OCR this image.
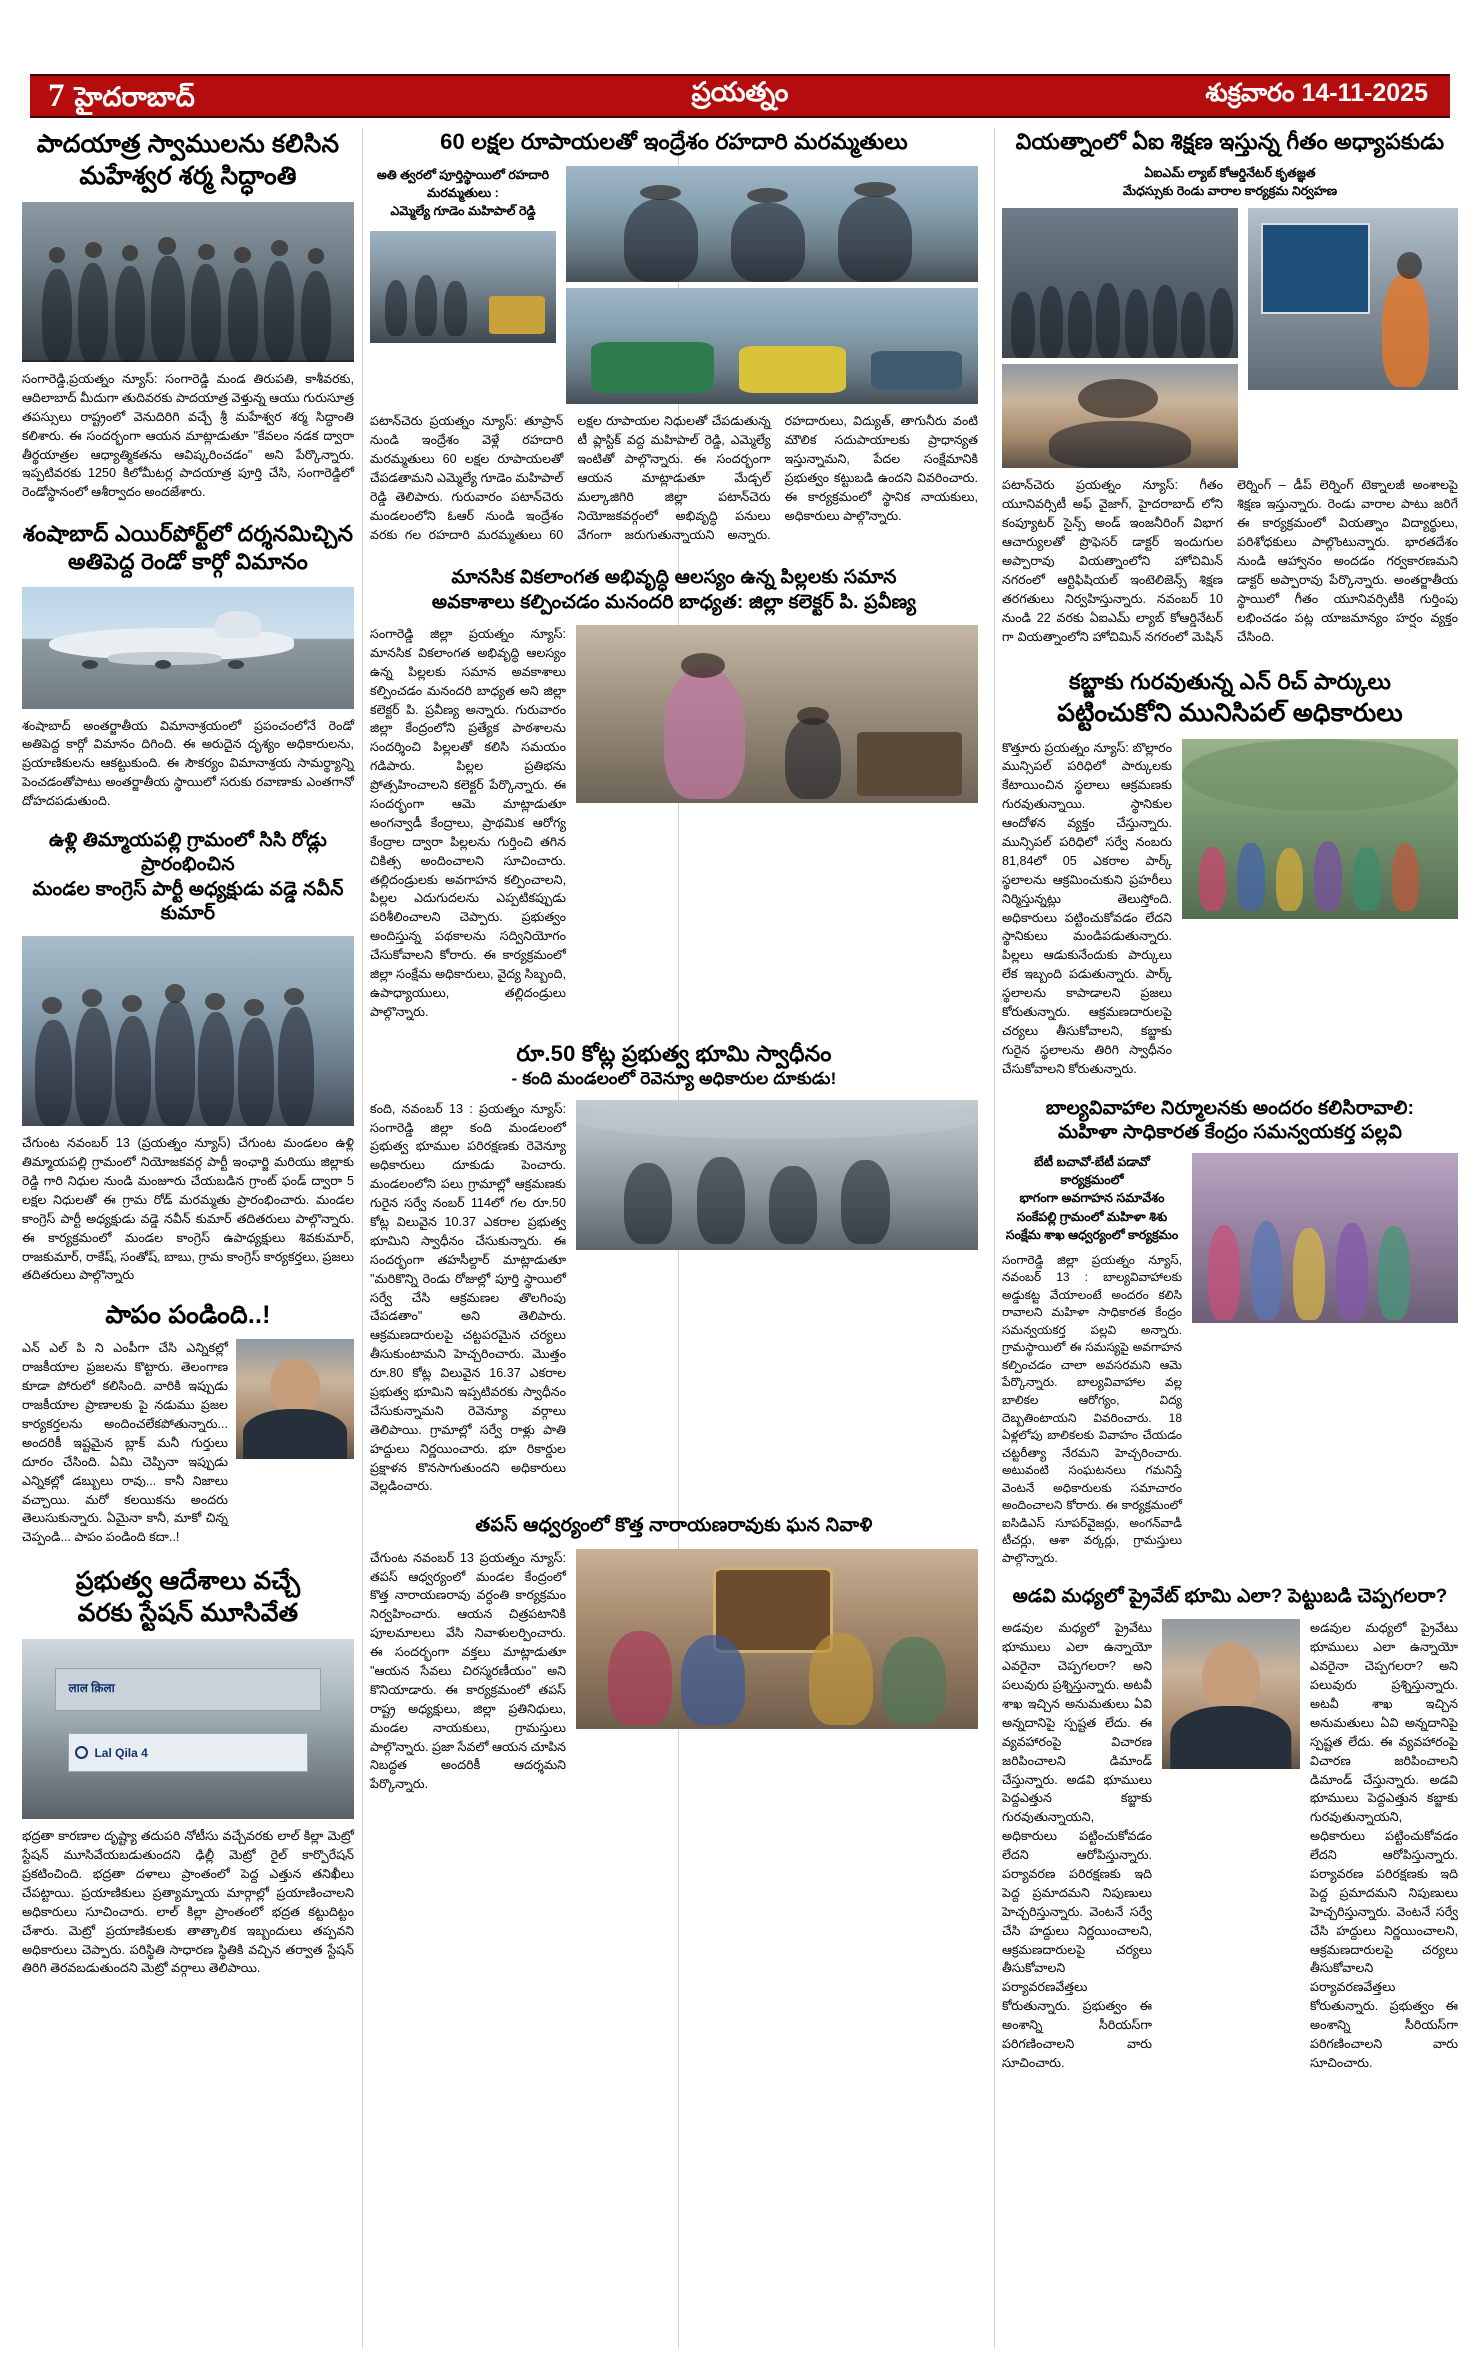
7 హైదరాబాద్	ప్రయత్నం	శుక్రవారం 14-11-2025
పాదయాత్ర స్వాములను కలిసిన
మహేశ్వర శర్మ సిద్ధాంతి
సంగారెడ్డి,ప్రయత్నం న్యూస్: సంగారెడ్డి మండ తిరుపతి, కాశీవరకు, ఆదిలాబాద్ మీదుగా తుదివరకు పాదయాత్ర వెళ్తున్న ఆయు గురుసూత్ర తపస్సులు రాష్ట్రంలో వెనుదిరిగి వచ్చే శ్రీ మహేశ్వర శర్మ సిద్ధాంతి కలిశారు. ఈ సందర్భంగా ఆయన మాట్లాడుతూ "కేవలం నడక ద్వారా తీర్థయాత్రల ఆధ్యాత్మికతను ఆవిష్కరించడం" అని పేర్కొన్నారు. ఇప్పటివరకు 1250 కిలోమీటర్ల పాదయాత్ర పూర్తి చేసి, సంగారెడ్డిలో రెండోస్థానంలో ఆశీర్వాదం అందజేశారు.
శంషాబాద్ ఎయిర్‌పోర్ట్‌లో దర్శనమిచ్చిన
అతిపెద్ద రెండో కార్గో విమానం
శంషాబాద్ అంతర్జాతీయ విమానాశ్రయంలో ప్రపంచంలోనే రెండో అతిపెద్ద కార్గో విమానం దిగింది. ఈ అరుదైన దృశ్యం అధికారులను, ప్రయాణికులను ఆకట్టుకుంది. ఈ సౌకర్యం విమానాశ్రయ సామర్థ్యాన్ని పెంచడంతోపాటు అంతర్జాతీయ స్థాయిలో సరుకు రవాణాకు ఎంతగానో దోహదపడుతుంది.
ఉళ్లి తిమ్మాయపల్లి గ్రామంలో సిసి రోడ్లు ప్రారంభించిన
మండల కాంగ్రెస్ పార్టీ అధ్యక్షుడు వడ్డె నవీన్ కుమార్
చేగుంట నవంబర్ 13 (ప్రయత్నం న్యూస్) చేగుంట మండలం ఉళ్లి తిమ్మాయపల్లి గ్రామంలో నియోజకవర్గ పార్టీ ఇంఛార్జి మరియు జిల్లాకు రెడ్డి గారి నిధుల నుండి మంజూరు చేయబడిన గ్రాంట్ ఫండ్ ద్వారా 5 లక్షల నిధులతో ఈ గ్రామ రోడ్ మరమ్మతు ప్రారంభించారు. మండల కాంగ్రెస్ పార్టీ అధ్యక్షుడు వడ్డె నవీన్ కుమార్ తదితరులు పాల్గొన్నారు. ఈ కార్యక్రమంలో మండల కాంగ్రెస్ ఉపాధ్యక్షులు శివకుమార్, రాజకుమార్, రాకేష్, సంతోష్, బాబు, గ్రామ కాంగ్రెస్ కార్యకర్తలు, ప్రజలు తదితరులు పాల్గొన్నారు
పాపం పండింది..!
ఎన్ ఎల్ పి ని ఎంపీగా చేసి ఎన్నికల్లో రాజకీయాల ప్రజలను కొట్టారు. తెలంగాణ కూడా పోరులో కలిసింది. వారికి ఇప్పుడు రాజకీయాల ప్రాణాలకు పై నడుము ప్రజల కార్యకర్తలను అందించలేకపోతున్నారు... అందరికీ ఇష్టమైన బ్లాక్ మనీ గుర్తులు దూరం చేసింది. ఏమి చెప్పినా ఇప్పుడు ఎన్నికల్లో డబ్బులు రావు... కానీ నిజాలు వచ్చాయి. మరో కలయికను అందరు తెలుసుకున్నారు. ఏమైనా కానీ, మాకో చిన్న చెప్పండి... పాపం పండింది కదా..!
ప్రభుత్వ ఆదేశాలు వచ్చే
వరకు స్టేషన్ మూసివేత
लाल क़िला
Lal Qila 4
భద్రతా కారణాల దృష్ట్యా తదుపరి నోటీసు వచ్చేవరకు లాల్ కిల్లా మెట్రో స్టేషన్ మూసివేయబడుతుందని ఢిల్లీ మెట్రో రైల్ కార్పొరేషన్ ప్రకటించింది. భద్రతా దళాలు ప్రాంతంలో పెద్ద ఎత్తున తనిఖీలు చేపట్టాయి. ప్రయాణికులు ప్రత్యామ్నాయ మార్గాల్లో ప్రయాణించాలని అధికారులు సూచించారు. లాల్ కిల్లా ప్రాంతంలో భద్రత కట్టుదిట్టం చేశారు. మెట్రో ప్రయాణికులకు తాత్కాలిక ఇబ్బందులు తప్పవని అధికారులు చెప్పారు. పరిస్థితి సాధారణ స్థితికి వచ్చిన తర్వాత స్టేషన్ తిరిగి తెరవబడుతుందని మెట్రో వర్గాలు తెలిపాయి.
60 లక్షల రూపాయలతో ఇంద్రేశం రహదారి మరమ్మతులు
అతి త్వరలో పూర్తిస్థాయిలో రహదారి
మరమ్మతులు :
ఎమ్మెల్యే గూడెం మహిపాల్ రెడ్డి
పటాన్‌చెరు ప్రయత్నం న్యూస్: తూప్రాన్ నుండి ఇంద్రేశం వెళ్లే రహదారి మరమ్మతులు 60 లక్షల రూపాయలతో చేపడతామని ఎమ్మెల్యే గూడెం మహిపాల్ రెడ్డి తెలిపారు. గురువారం పటాన్‌చెరు మండలంలోని ఓఆర్ నుండి ఇంద్రేశం వరకు గల రహదారి మరమ్మతులు 60 లక్షల రూపాయల నిధులతో చేపడుతున్న టీ ప్లాస్టిక్ వద్ద మహిపాల్ రెడ్డి, ఎమ్మెల్యే ఇంటితో పాల్గొన్నారు. ఈ సందర్భంగా ఆయన మాట్లాడుతూ మేడ్చల్ మల్కాజిగిరి జిల్లా పటాన్‌చెరు నియోజకవర్గంలో అభివృద్ధి పనులు వేగంగా జరుగుతున్నాయని అన్నారు. రహదారులు, విద్యుత్, తాగునీరు వంటి మౌలిక సదుపాయాలకు ప్రాధాన్యత ఇస్తున్నామని, పేదల సంక్షేమానికి ప్రభుత్వం కట్టుబడి ఉందని వివరించారు. ఈ కార్యక్రమంలో స్థానిక నాయకులు, అధికారులు పాల్గొన్నారు.
మానసిక వికలాంగత అభివృద్ధి ఆలస్యం ఉన్న పిల్లలకు సమాన
అవకాశాలు కల్పించడం మనందరి బాధ్యత: జిల్లా కలెక్టర్ పి. ప్రవీణ్య
సంగారెడ్డి జిల్లా ప్రయత్నం న్యూస్: మానసిక వికలాంగత అభివృద్ధి ఆలస్యం ఉన్న పిల్లలకు సమాన అవకాశాలు కల్పించడం మనందరి బాధ్యత అని జిల్లా కలెక్టర్ పి. ప్రవీణ్య అన్నారు. గురువారం జిల్లా కేంద్రంలోని ప్రత్యేక పాఠశాలను సందర్శించి పిల్లలతో కలిసి సమయం గడిపారు. పిల్లల ప్రతిభను ప్రోత్సహించాలని కలెక్టర్ పేర్కొన్నారు. ఈ సందర్భంగా ఆమె మాట్లాడుతూ అంగన్వాడీ కేంద్రాలు, ప్రాథమిక ఆరోగ్య కేంద్రాల ద్వారా పిల్లలను గుర్తించి తగిన చికిత్స అందించాలని సూచించారు. తల్లిదండ్రులకు అవగాహన కల్పించాలని, పిల్లల ఎదుగుదలను ఎప్పటికప్పుడు పరిశీలించాలని చెప్పారు. ప్రభుత్వం అందిస్తున్న పథకాలను సద్వినియోగం చేసుకోవాలని కోరారు. ఈ కార్యక్రమంలో జిల్లా సంక్షేమ అధికారులు, వైద్య సిబ్బంది, ఉపాధ్యాయులు, తల్లిదండ్రులు పాల్గొన్నారు.
రూ.50 కోట్ల ప్రభుత్వ భూమి స్వాధీనం
- కంది మండలంలో రెవెన్యూ అధికారుల దూకుడు!
కంది, నవంబర్ 13 : ప్రయత్నం న్యూస్: సంగారెడ్డి జిల్లా కంది మండలంలో ప్రభుత్వ భూముల పరిరక్షణకు రెవెన్యూ అధికారులు దూకుడు పెంచారు. మండలంలోని పలు గ్రామాల్లో ఆక్రమణకు గురైన సర్వే నంబర్ 114లో గల రూ.50 కోట్ల విలువైన 10.37 ఎకరాల ప్రభుత్వ భూమిని స్వాధీనం చేసుకున్నారు. ఈ సందర్భంగా తహసీల్దార్ మాట్లాడుతూ "మరికొన్ని రెండు రోజుల్లో పూర్తి స్థాయిలో సర్వే చేసి ఆక్రమణల తొలగింపు చేపడతాం" అని తెలిపారు. ఆక్రమణదారులపై చట్టపరమైన చర్యలు తీసుకుంటామని హెచ్చరించారు. మొత్తం రూ.80 కోట్ల విలువైన 16.37 ఎకరాల ప్రభుత్వ భూమిని ఇప్పటివరకు స్వాధీనం చేసుకున్నామని రెవెన్యూ వర్గాలు తెలిపాయి. గ్రామాల్లో సర్వే రాళ్లు పాతి హద్దులు నిర్ణయించారు. భూ రికార్డుల ప్రక్షాళన కొనసాగుతుందని అధికారులు వెల్లడించారు.
తపస్ ఆధ్వర్యంలో కొత్త నారాయణరావుకు ఘన నివాళి
చేగుంట నవంబర్ 13 ప్రయత్నం న్యూస్: తపస్ ఆధ్వర్యంలో మండల కేంద్రంలో కొత్త నారాయణరావు వర్ధంతి కార్యక్రమం నిర్వహించారు. ఆయన చిత్రపటానికి పూలమాలలు వేసి నివాళులర్పించారు. ఈ సందర్భంగా వక్తలు మాట్లాడుతూ "ఆయన సేవలు చిరస్మరణీయం" అని కొనియాడారు. ఈ కార్యక్రమంలో తపస్ రాష్ట్ర అధ్యక్షులు, జిల్లా ప్రతినిధులు, మండల నాయకులు, గ్రామస్తులు పాల్గొన్నారు. ప్రజా సేవలో ఆయన చూపిన నిబద్ధత అందరికీ ఆదర్శమని పేర్కొన్నారు.
వియత్నాంలో ఏఐ శిక్షణ ఇస్తున్న గీతం అధ్యాపకుడు
ఏఐఎమ్ ల్యాబ్ కోఆర్డినేటర్ కృతజ్ఞత
మేధస్సుకు రెండు వారాల కార్యక్రమ నిర్వహణ
పటాన్‌చెరు ప్రయత్నం న్యూస్: గీతం యూనివర్సిటీ అఫ్ వైజాగ్, హైదరాబాద్ లోని కంప్యూటర్ సైన్స్ అండ్ ఇంజనీరింగ్ విభాగ ఆచార్యులతో ప్రొఫెసర్ డాక్టర్ ఇందుగుల అప్పారావు వియత్నాంలోని హోచిమిన్ నగరంలో ఆర్టిఫిషియల్ ఇంటెలిజెన్స్ శిక్షణ తరగతులు నిర్వహిస్తున్నారు. నవంబర్ 10 నుండి 22 వరకు ఏఐఎమ్ ల్యాబ్ కోఆర్డినేటర్ గా వియత్నాంలోని హోచిమిన్ నగరంలో మెషిన్ లెర్నింగ్ – డీప్ లెర్నింగ్ టెక్నాలజీ అంశాలపై శిక్షణ ఇస్తున్నారు. రెండు వారాల పాటు జరిగే ఈ కార్యక్రమంలో వియత్నాం విద్యార్థులు, పరిశోధకులు పాల్గొంటున్నారు. భారతదేశం నుండి ఆహ్వానం అందడం గర్వకారణమని డాక్టర్ అప్పారావు పేర్కొన్నారు. అంతర్జాతీయ స్థాయిలో గీతం యూనివర్సిటీకి గుర్తింపు లభించడం పట్ల యాజమాన్యం హర్షం వ్యక్తం చేసింది.
కబ్జాకు గురవుతున్న ఎన్ రిచ్ పార్కులు
పట్టించుకోని మునిసిపల్ అధికారులు
కొత్తూరు ప్రయత్నం న్యూస్: బొల్లారం మున్సిపల్ పరిధిలో పార్కులకు కేటాయించిన స్థలాలు ఆక్రమణకు గురవుతున్నాయి. స్థానికుల ఆందోళన వ్యక్తం చేస్తున్నారు. మున్సిపల్ పరిధిలో సర్వే నంబరు 81,84లో 05 ఎకరాల పార్క్ స్థలాలను ఆక్రమించుకుని ప్రహరీలు నిర్మిస్తున్నట్లు తెలుస్తోంది. అధికారులు పట్టించుకోవడం లేదని స్థానికులు మండిపడుతున్నారు. పిల్లలు ఆడుకునేందుకు పార్కులు లేక ఇబ్బంది పడుతున్నారు. పార్క్ స్థలాలను కాపాడాలని ప్రజలు కోరుతున్నారు. ఆక్రమణదారులపై చర్యలు తీసుకోవాలని, కబ్జాకు గురైన స్థలాలను తిరిగి స్వాధీనం చేసుకోవాలని కోరుతున్నారు.
బాల్యవివాహాల నిర్మూలనకు అందరం కలిసిరావాలి:
మహిళా సాధికారత కేంద్రం సమన్వయకర్త పల్లవి
బేటీ బచావో-బేటీ పడావో కార్యక్రమంలో
భాగంగా అవగాహన సమావేశం
సంకేపల్లి గ్రామంలో మహిళా శిశు సంక్షేమ శాఖ ఆధ్వర్యంలో కార్యక్రమం
సంగారెడ్డి జిల్లా ప్రయత్నం న్యూస్, నవంబర్ 13 : బాల్యవివాహాలకు అడ్డుకట్ట వేయాలంటే అందరం కలిసి రావాలని మహిళా సాధికారత కేంద్రం సమన్వయకర్త పల్లవి అన్నారు. గ్రామస్థాయిలో ఈ సమస్యపై అవగాహన కల్పించడం చాలా అవసరమని ఆమె పేర్కొన్నారు. బాల్యవివాహాల వల్ల బాలికల ఆరోగ్యం, విద్య దెబ్బతింటాయని వివరించారు. 18 ఏళ్లలోపు బాలికలకు వివాహం చేయడం చట్టరీత్యా నేరమని హెచ్చరించారు. అటువంటి సంఘటనలు గమనిస్తే వెంటనే అధికారులకు సమాచారం అందించాలని కోరారు. ఈ కార్యక్రమంలో ఐసిడిఎస్ సూపర్‌వైజర్లు, అంగన్‌వాడీ టీచర్లు, ఆశా వర్కర్లు, గ్రామస్తులు పాల్గొన్నారు.
అడవి మధ్యలో ప్రైవేట్ భూమి ఎలా? పెట్టుబడి చెప్పగలరా?
అడవుల మధ్యలో ప్రైవేటు భూములు ఎలా ఉన్నాయో ఎవరైనా చెప్పగలరా? అని పలువురు ప్రశ్నిస్తున్నారు. అటవీ శాఖ ఇచ్చిన అనుమతులు ఏవి అన్నదానిపై స్పష్టత లేదు. ఈ వ్యవహారంపై విచారణ జరిపించాలని డిమాండ్ చేస్తున్నారు. అడవి భూములు పెద్దఎత్తున కబ్జాకు గురవుతున్నాయని, అధికారులు పట్టించుకోవడం లేదని ఆరోపిస్తున్నారు. పర్యావరణ పరిరక్షణకు ఇది పెద్ద ప్రమాదమని నిపుణులు హెచ్చరిస్తున్నారు. వెంటనే సర్వే చేసి హద్దులు నిర్ణయించాలని, ఆక్రమణదారులపై చర్యలు తీసుకోవాలని పర్యావరణవేత్తలు కోరుతున్నారు. ప్రభుత్వం ఈ అంశాన్ని సీరియస్‌గా పరిగణించాలని వారు సూచించారు.
అడవుల మధ్యలో ప్రైవేటు భూములు ఎలా ఉన్నాయో ఎవరైనా చెప్పగలరా? అని పలువురు ప్రశ్నిస్తున్నారు. అటవీ శాఖ ఇచ్చిన అనుమతులు ఏవి అన్నదానిపై స్పష్టత లేదు. ఈ వ్యవహారంపై విచారణ జరిపించాలని డిమాండ్ చేస్తున్నారు. అడవి భూములు పెద్దఎత్తున కబ్జాకు గురవుతున్నాయని, అధికారులు పట్టించుకోవడం లేదని ఆరోపిస్తున్నారు. పర్యావరణ పరిరక్షణకు ఇది పెద్ద ప్రమాదమని నిపుణులు హెచ్చరిస్తున్నారు. వెంటనే సర్వే చేసి హద్దులు నిర్ణయించాలని, ఆక్రమణదారులపై చర్యలు తీసుకోవాలని పర్యావరణవేత్తలు కోరుతున్నారు. ప్రభుత్వం ఈ అంశాన్ని సీరియస్‌గా పరిగణించాలని వారు సూచించారు.
